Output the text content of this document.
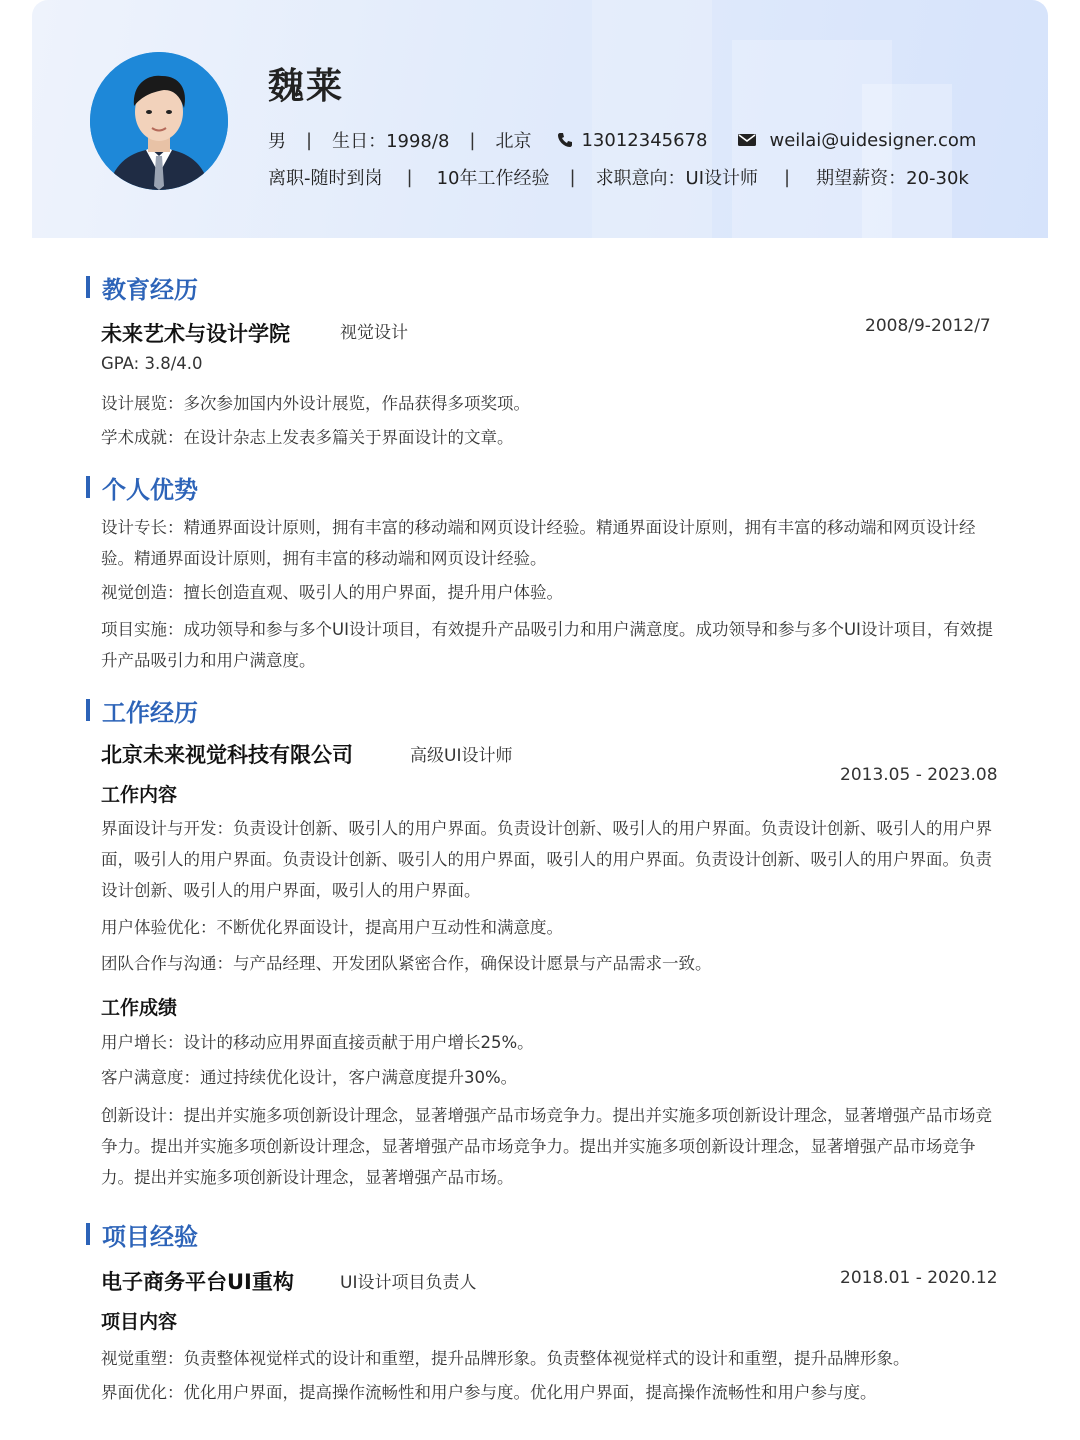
魏莱
男 | 生日：1998/8 | 北京	13012345678	weilai@uidesigner.com
离职-随时到岗 | 10年工作经验 | 求职意向：UI设计师 | 期望薪资：20-30k
教育经历
未来艺术与设计学院	视觉设计	2008/9-2012/7
GPA: 3.8/4.0
设计展览：多次参加国内外设计展览，作品获得多项奖项。
学术成就：在设计杂志上发表多篇关于界面设计的文章。
个人优势
设计专长：精通界面设计原则，拥有丰富的移动端和网页设计经验。精通界面设计原则，拥有丰富的移动端和网页设计经验。精通界面设计原则，拥有丰富的移动端和网页设计经验。
视觉创造：擅长创造直观、吸引人的用户界面，提升用户体验。
项目实施：成功领导和参与多个UI设计项目，有效提升产品吸引力和用户满意度。成功领导和参与多个UI设计项目，有效提升产品吸引力和用户满意度。
工作经历
北京未来视觉科技有限公司	高级UI设计师
2013.05 - 2023.08
工作内容
界面设计与开发：负责设计创新、吸引人的用户界面。负责设计创新、吸引人的用户界面。负责设计创新、吸引人的用户界面，吸引人的用户界面。负责设计创新、吸引人的用户界面，吸引人的用户界面。负责设计创新、吸引人的用户界面。负责设计创新、吸引人的用户界面，吸引人的用户界面。
用户体验优化：不断优化界面设计，提高用户互动性和满意度。
团队合作与沟通：与产品经理、开发团队紧密合作，确保设计愿景与产品需求一致。
工作成绩
用户增长：设计的移动应用界面直接贡献于用户增长25%。
客户满意度：通过持续优化设计，客户满意度提升30%。
创新设计：提出并实施多项创新设计理念，显著增强产品市场竞争力。提出并实施多项创新设计理念，显著增强产品市场竞争力。提出并实施多项创新设计理念，显著增强产品市场竞争力。提出并实施多项创新设计理念，显著增强产品市场竞争力。提出并实施多项创新设计理念，显著增强产品市场。
项目经验
电子商务平台UI重构	UI设计项目负责人	2018.01 - 2020.12
项目内容
视觉重塑：负责整体视觉样式的设计和重塑，提升品牌形象。负责整体视觉样式的设计和重塑，提升品牌形象。
界面优化：优化用户界面，提高操作流畅性和用户参与度。优化用户界面，提高操作流畅性和用户参与度。
